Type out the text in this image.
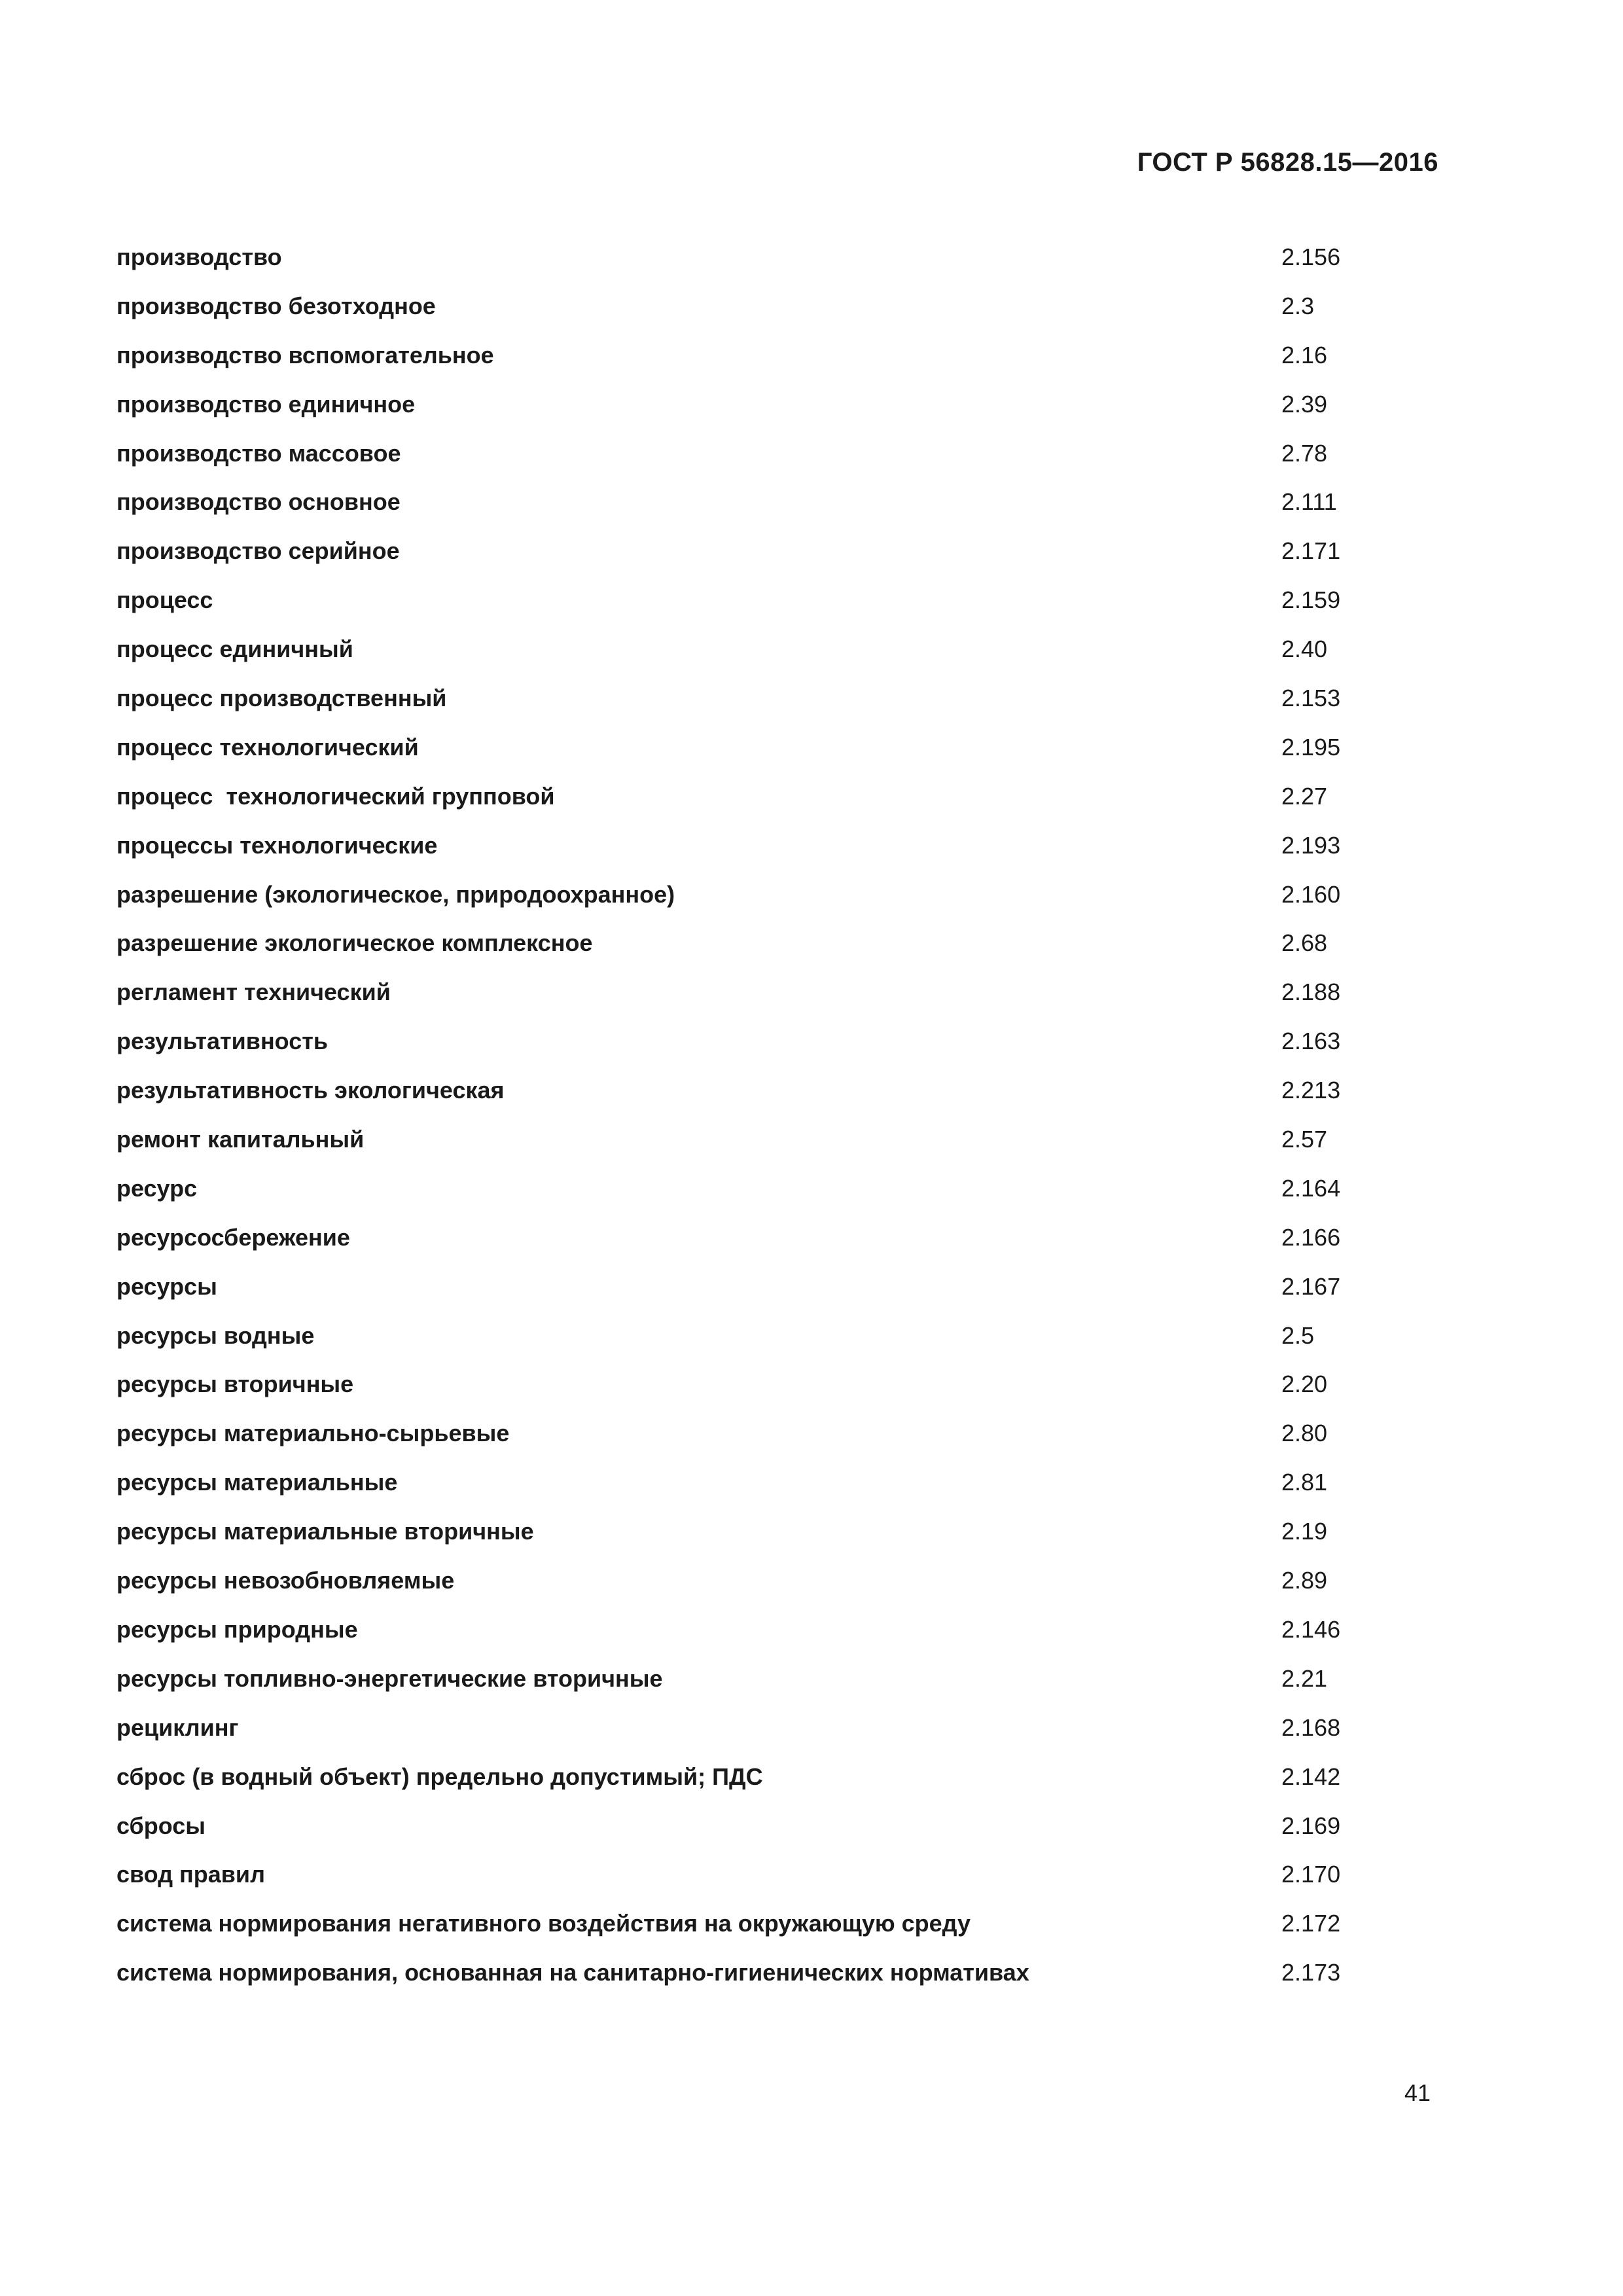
ГОСТ Р 56828.15—2016
производство	2.156
производство безотходное	2.3
производство вспомогательное	2.16
производство единичное	2.39
производство массовое	2.78
производство основное	2.111
производство серийное	2.171
процесс	2.159
процесс единичный	2.40
процесс производственный	2.153
процесс технологический	2.195
процесс  технологический групповой	2.27
процессы технологические	2.193
разрешение (экологическое, природоохранное)	2.160
разрешение экологическое комплексное	2.68
регламент технический	2.188
результативность	2.163
результативность экологическая	2.213
ремонт капитальный	2.57
ресурс	2.164
ресурсосбережение	2.166
ресурсы	2.167
ресурсы водные	2.5
ресурсы вторичные	2.20
ресурсы материально-сырьевые	2.80
ресурсы материальные	2.81
ресурсы материальные вторичные	2.19
ресурсы невозобновляемые	2.89
ресурсы природные	2.146
ресурсы топливно-энергетические вторичные	2.21
рециклинг	2.168
сброс (в водный объект) предельно допустимый; ПДС	2.142
сбросы	2.169
свод правил	2.170
система нормирования негативного воздействия на окружающую среду	2.172
система нормирования, основанная на санитарно-гигиенических нормативах	2.173
41
